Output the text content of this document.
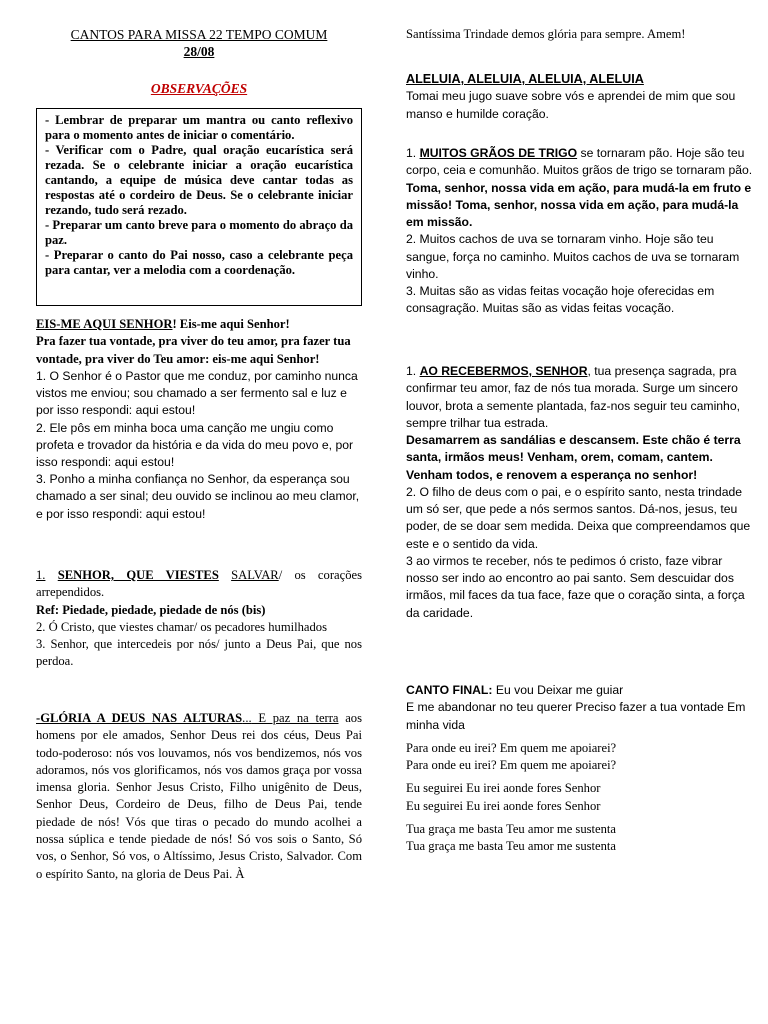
CANTOS PARA MISSA 22 TEMPO COMUM
28/08
OBSERVAÇÕES

- Lembrar de preparar um mantra ou canto reflexivo para o momento antes de iniciar o comentário.

- Verificar com o Padre, qual oração eucarística será rezada. Se o celebrante iniciar a oração eucarística cantando, a equipe de música deve cantar todas as respostas até o cordeiro de Deus. Se o celebrante iniciar rezando, tudo será rezado.

- Preparar um canto breve para o momento do abraço da paz.

- Preparar o canto do Pai nosso, caso a celebrante peça para cantar, ver a melodia com a coordenação.

EIS-ME AQUI SENHOR! Eis-me aqui Senhor!

Pra fazer tua vontade, pra viver do teu amor, pra fazer tua vontade, pra viver do Teu amor: eis-me aqui Senhor!

1. O Senhor é o Pastor que me conduz, por caminho nunca vistos me enviou; sou chamado a ser fermento sal e luz e por isso respondi: aqui estou!

2. Ele pôs em minha boca uma canção me ungiu como profeta e trovador da história e da vida do meu povo e, por isso respondi: aqui estou!

3. Ponho a minha confiança no Senhor, da esperança sou chamado a ser sinal; deu ouvido se inclinou ao meu clamor, e por isso respondi: aqui estou!

1. SENHOR, QUE VIESTES SALVAR/ os corações arrependidos.

Ref: Piedade, piedade, piedade de nós (bis)

2. Ó Cristo, que viestes chamar/ os pecadores humilhados

3. Senhor, que intercedeis por nós/ junto a Deus Pai, que nos perdoa.

-GLÓRIA A DEUS NAS ALTURAS... E paz na terra aos homens por ele amados, Senhor Deus rei dos céus, Deus Pai todo-poderoso: nós vos louvamos, nós vos bendizemos, nós vos adoramos, nós vos glorificamos, nós vos damos graça por vossa imensa gloria. Senhor Jesus Cristo, Filho unigênito de Deus, Senhor Deus, Cordeiro de Deus, filho de Deus Pai, tende piedade de nós! Vós que tiras o pecado do mundo acolhei a nossa súplica e tende piedade de nós! Só vos sois o Santo, Só vos, o Senhor, Só vos, o Altíssimo, Jesus Cristo, Salvador. Com o espírito Santo, na gloria de Deus Pai. À

Santíssima Trindade demos glória para sempre. Amem!

ALELUIA, ALELUIA, ALELUIA, ALELUIA

Tomai meu jugo suave sobre vós e aprendei de mim que sou manso e humilde coração.

1. MUITOS GRÃOS DE TRIGO se tornaram pão. Hoje são teu corpo, ceia e comunhão. Muitos grãos de trigo se tornaram pão.

Toma, senhor, nossa vida em ação, para mudá-la em fruto e missão! Toma, senhor, nossa vida em ação, para mudá-la em missão.

2. Muitos cachos de uva se tornaram vinho. Hoje são teu sangue, força no caminho. Muitos cachos de uva se tornaram vinho.

3. Muitas são as vidas feitas vocação hoje oferecidas em consagração. Muitas são as vidas feitas vocação.

1. AO RECEBERMOS, SENHOR, tua presença sagrada, pra confirmar teu amor, faz de nós tua morada. Surge um sincero louvor, brota a semente plantada, faz-nos seguir teu caminho, sempre trilhar tua estrada.

Desamarrem as sandálias e descansem. Este chão é terra santa, irmãos meus! Venham, orem, comam, cantem. Venham todos, e renovem a esperança no senhor!

2. O filho de deus com o pai, e o espírito santo, nesta trindade um só ser, que pede a nós sermos santos. Dá-nos, jesus, teu poder, de se doar sem medida. Deixa que compreendamos que este e o sentido da vida.

3 ao virmos te receber, nós te pedimos ó cristo, faze vibrar nosso ser indo ao encontro ao pai santo. Sem descuidar dos irmãos, mil faces da tua face, faze que o coração sinta, a força da caridade.

CANTO FINAL: Eu vou Deixar me guiar

E me abandonar no teu querer Preciso fazer a tua vontade Em minha vida

Para onde eu irei? Em quem me apoiarei?

Para onde eu irei? Em quem me apoiarei?

Eu seguirei Eu irei aonde fores Senhor

Eu seguirei Eu irei aonde fores Senhor

Tua graça me basta Teu amor me sustenta

Tua graça me basta Teu amor me sustenta
